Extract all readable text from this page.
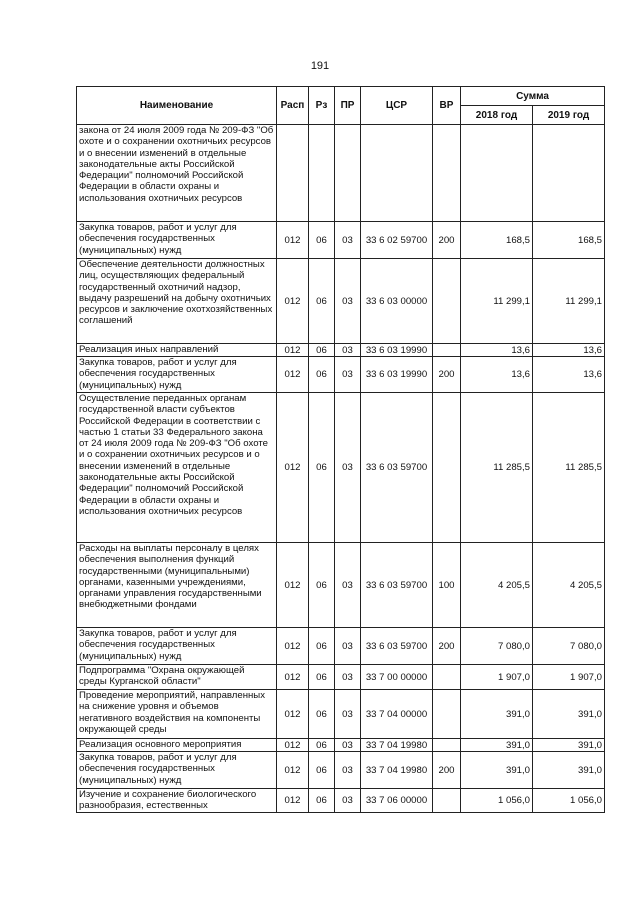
191
Наименование	Расп	Рз	ПР	ЦСР	ВР	Сумма	
						2018 год	2019 год
закона от 24 июля 2009 года № 209-ФЗ "Об охоте и о сохранении охотничьих ресурсов и о внесении изменений в отдельные законодательные акты Российской Федерации" полномочий Российской Федерации в области охраны и использования охотничьих ресурсов							
Закупка товаров, работ и услуг для обеспечения государственных (муниципальных) нужд	012	06	03	33 6 02 59700	200	168,5	168,5
Обеспечение деятельности должностных лиц, осуществляющих федеральный государственный охотничий надзор, выдачу разрешений на добычу охотничьих ресурсов и заключение охотхозяйственных соглашений	012	06	03	33 6 03 00000		11 299,1	11 299,1
Реализация иных направлений	012	06	03	33 6 03 19990		13,6	13,6
Закупка товаров, работ и услуг для обеспечения государственных (муниципальных) нужд	012	06	03	33 6 03 19990	200	13,6	13,6
Осуществление переданных органам государственной власти субъектов Российской Федерации в соответствии с частью 1 статьи 33 Федерального закона от 24 июля 2009 года № 209-ФЗ "Об охоте и о сохранении охотничьих ресурсов и о внесении изменений в отдельные законодательные акты Российской Федерации" полномочий Российской Федерации в области охраны и использования охотничьих ресурсов	012	06	03	33 6 03 59700		11 285,5	11 285,5
Расходы на выплаты персоналу в целях обеспечения выполнения функций государственными (муниципальными) органами, казенными учреждениями, органами управления государственными внебюджетными фондами	012	06	03	33 6 03 59700	100	4 205,5	4 205,5
Закупка товаров, работ и услуг для обеспечения государственных (муниципальных) нужд	012	06	03	33 6 03 59700	200	7 080,0	7 080,0
Подпрограмма "Охрана окружающей среды Курганской области"	012	06	03	33 7 00 00000		1 907,0	1 907,0
Проведение мероприятий, направленных на снижение уровня и объемов негативного воздействия на компоненты окружающей среды	012	06	03	33 7 04 00000		391,0	391,0
Реализация основного мероприятия	012	06	03	33 7 04 19980		391,0	391,0
Закупка товаров, работ и услуг для обеспечения государственных (муниципальных) нужд	012	06	03	33 7 04 19980	200	391,0	391,0
Изучение и сохранение биологического разнообразия, естественных	012	06	03	33 7 06 00000		1 056,0	1 056,0
